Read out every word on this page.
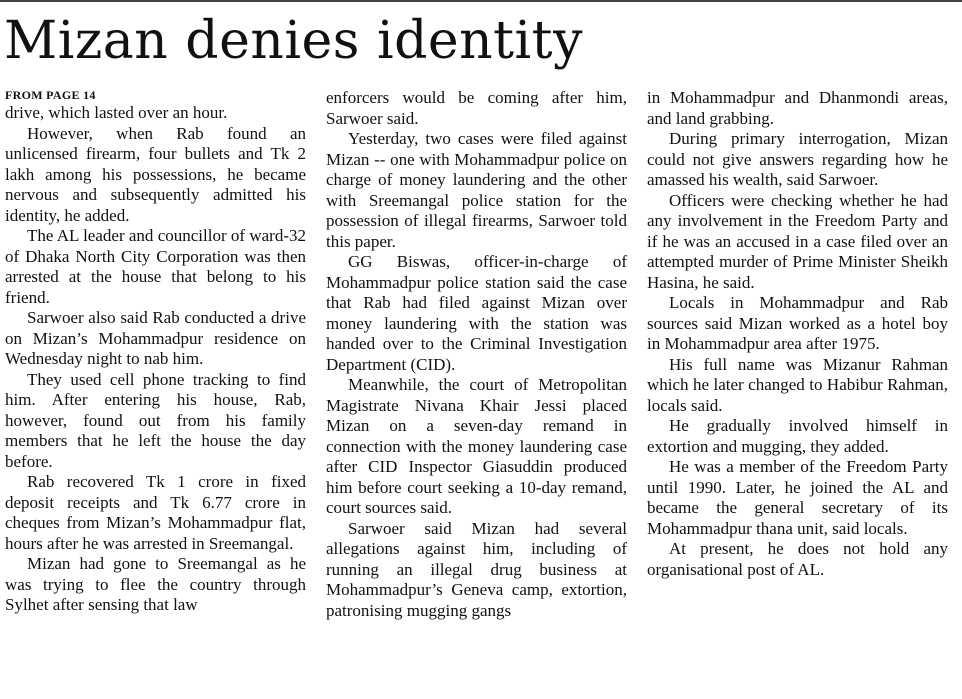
Mizan denies identity
FROM PAGE 14

drive, which lasted over an hour.

However, when Rab found an unlicensed firearm, four bullets and Tk 2 lakh among his possessions, he became nervous and subsequently admitted his identity, he added.

The AL leader and councillor of ward-32 of Dhaka North City Corporation was then arrested at the house that belong to his friend.

Sarwoer also said Rab conducted a drive on Mizan’s Mohammadpur residence on Wednesday night to nab him.

They used cell phone tracking to find him. After entering his house, Rab, however, found out from his family members that he left the house the day before.

Rab recovered Tk 1 crore in fixed deposit receipts and Tk 6.77 crore in cheques from Mizan’s Mohammadpur flat, hours after he was arrested in Sreemangal.

Mizan had gone to Sreemangal as he was trying to flee the country through Sylhet after sensing that law

enforcers would be coming after him, Sarwoer said.

Yesterday, two cases were filed against Mizan -- one with Mohammadpur police on charge of money laundering and the other with Sreemangal police station for the possession of illegal firearms, Sarwoer told this paper.

GG Biswas, officer-in-charge of Mohammadpur police station said the case that Rab had filed against Mizan over money laundering with the station was handed over to the Criminal Investigation Department (CID).

Meanwhile, the court of Metropolitan Magistrate Nivana Khair Jessi placed Mizan on a seven-day remand in connection with the money laundering case after CID Inspector Giasuddin produced him before court seeking a 10-day remand, court sources said.

Sarwoer said Mizan had several allegations against him, including of running an illegal drug business at Mohammadpur’s Geneva camp, extortion, patronising mugging gangs

in Mohammadpur and Dhanmondi areas, and land grabbing.

During primary interrogation, Mizan could not give answers regarding how he amassed his wealth, said Sarwoer.

Officers were checking whether he had any involvement in the Freedom Party and if he was an accused in a case filed over an attempted murder of Prime Minister Sheikh Hasina, he said.

Locals in Mohammadpur and Rab sources said Mizan worked as a hotel boy in Mohammadpur area after 1975.

His full name was Mizanur Rahman which he later changed to Habibur Rahman, locals said.

He gradually involved himself in extortion and mugging, they added.

He was a member of the Freedom Party until 1990. Later, he joined the AL and became the general secretary of its Mohammadpur thana unit, said locals.

At present, he does not hold any organisational post of AL.
